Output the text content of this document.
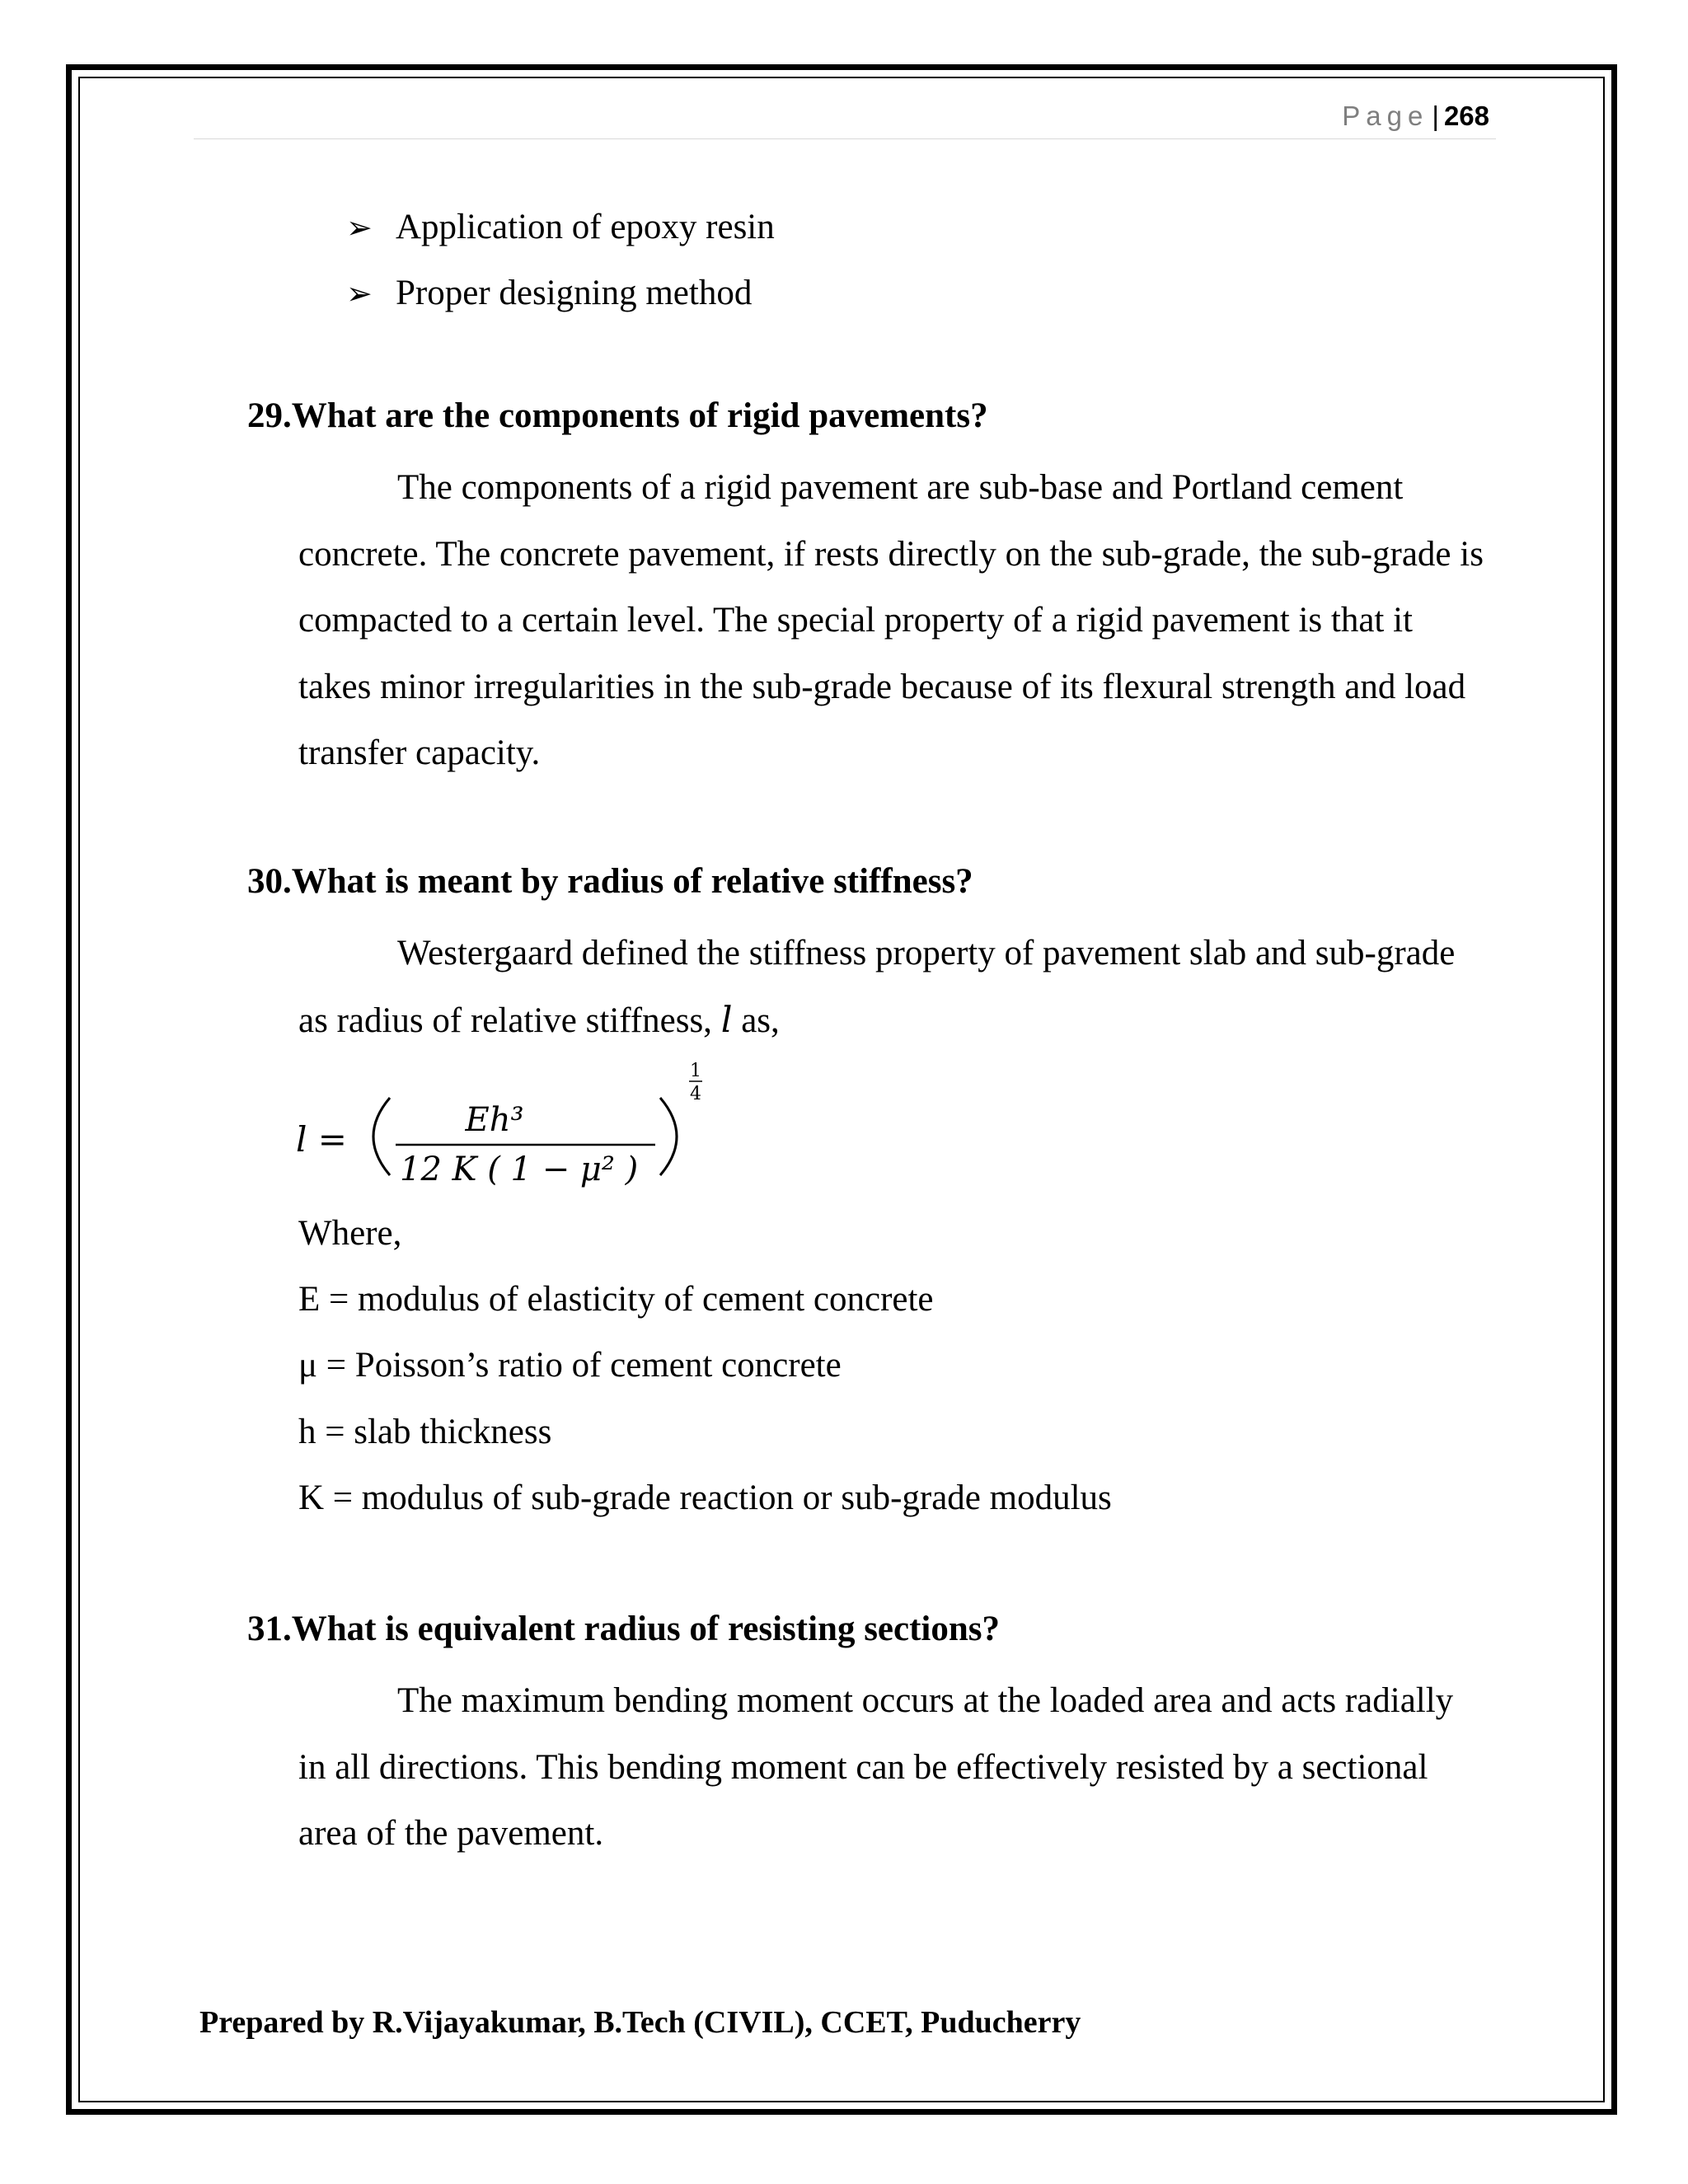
Page | 268
➢ Application of epoxy resin
➢ Proper designing method
29.What are the components of rigid pavements?

The components of a rigid pavement are sub-base and Portland cement concrete. The concrete pavement, if rests directly on the sub-grade, the sub-grade is compacted to a certain level. The special property of a rigid pavement is that it takes minor irregularities in the sub-grade because of its flexural strength and load transfer capacity.

30.What is meant by radius of relative stiffness?

Westergaard defined the stiffness property of pavement slab and sub-grade as radius of relative stiffness, l as,

l =	Eh³
12 K ( 1 − μ² )
1
4

Where,

E = modulus of elasticity of cement concrete

μ = Poisson’s ratio of cement concrete

h = slab thickness

K = modulus of sub-grade reaction or sub-grade modulus

31.What is equivalent radius of resisting sections?

The maximum bending moment occurs at the loaded area and acts radially in all directions. This bending moment can be effectively resisted by a sectional area of the pavement.

Prepared by R.Vijayakumar, B.Tech (CIVIL), CCET, Puducherry
